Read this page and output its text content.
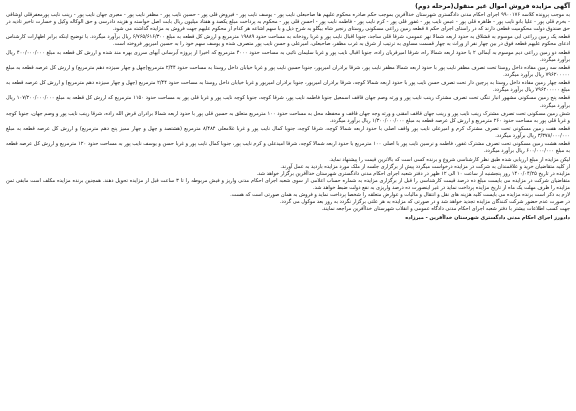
آگهی مزایده فروش اموال غیر منقول(مرحله دوم)
به موجب پرونده کلاسه ۹۹۰۰۱۷۶ اجرای احکام مدنی دادگستری شهرستان خداآفرین بموجب حکم صادره محکوم علیهم ها صاحبعلی نایب پور - یوسف نایب پور - فیروض قلی پور - حسین نایب پور - مظفر نایب پور - معبری جهان نایب پور - زینب نایب پورمعفرقلی اوشاقی - بخرم قلی پور - علیا بانو نایب پور - طاهره قلی پور - عبس نایب پور - غفور قلی پور - کرم نایب پور - فاطمه نایب پور - احسن قلی پور - محکوم به پرداخت مبلغ یکصد و هفتاد میلیون ریال بابت اصل خواسته و هزینه دادرسی و حق الوکاله وکیل و خسارت تاخیر تادیه در حق صندوق دولت محکومیت قطعی دارند که در راستای اجرای حکم ۸ قطعه زمین زراعی مسکونی روستای زنجیر شاه بیگلو به شرح ذیل و با سهم اشاعه هر کدام از محکوم علیهم جهت فروش به مزایده گذاشته می شود.
قطعه یک زمین زراعی ابی موسوم به قشلاق به حدود اربعه شمالا نهر عمومی، شرقا قلی ساجد، جنوبا اقبال نایب پور و غربا رودخانه به مساحت حدود ۱۹۸۸۹ مترمربع و ارزش کل قطعه به مبلغ ۶/۷۶۵/۶۱۶/۳۰۰ ریال برآورد میگردد. با توضیح اینکه برابر اظهارات کارشناس ادعای محکوم علیهم قطعه فوق در بین چهار نفر از وراث به چهار قسمت مساوی به ترتیب از شرق به غرب مظفر، صاحبعلی، امیرعلی و حسن نایب پور متصرف شده و یوسف سهم خود را به حسین امیرپور فروخته است.
قطعه دو زمین زراعی دیم موسوم به آیمالی ۲ با حدود اربعه شمالا راه، شرقا امیرقربان زاده، جنوبا اقبال نایب پور و غربا سلیمان نائبی به مساحت حدود ۴۰۰۰ مترمربع که اخیرا از پروژه آبرسانی آبهای سرزی بهره مند شده و ارزش کل قطعه به مبلغ ۴۰۰/۰۰۰/۰۰۰ ریال برآورد میگردد.
قطعه سه زمین مفاده داخل روستا تحت تصرف مظفر نایب پور با حدود اربعه شمالا مظفر نایب پور، شرقا برادران امیرپور، جنوبا حسین نایب پور و غربا خیابان داخل روستا به مساحت حدود ۲/۴۴ مترمربع(چهل و چهار سیزده دهم مترمربع) و ارزش کل عرصه قطعه به مبلغ ۷۹۶۲۰۰۰۰۰ ریال برآورد میگردد.
قطعه چهار زمین مفاده داخل روستا به پرچین دار تحت تصرف حسن نایب پور با حدود اربعه شمالا کوچه، شرقا برادران امیرپور، جنوبا برادران امیرپور و غربا خیابان داخل روستا به مساحت حدود ۲/۴۴ مترمربع (چهل و چهار سیزده دهم مترمربع) و ارزش کل عرصه قطعه به مبلغ ۷۹۶۲۰۰۰۰۰ ریال برآورد میگردد.
قطعه پنج زمین مسکونی مشهور انبار تنگی تحت تصرف مشترک زینب نایب پور و ورثه وصم جهان قاقف اسمعیل جنوبا فاطمه نایب پور، شرقا کوچه، جنوبا کوچه نایب پور و غربا قلی پور به مساحت حدود ۱۱۵۰ مترمربع که ارزش کل قطعه به مبلغ ۱۰۷/۲۰۰/۰۰۰/۰۰۰ ریال برآورد میگردد.
شش زمین مسکونی تحت تصرف مشترک زینب نایب پور و زینب جهان قاقف امقنی و ورثه وجه جهان قاقف و محفظه محل به مساحت حدود ۱۰۰ مترمربع متعلق به حسین قلی پور با حدود اربعه شمالا برادران قرض الله زاده، شرقا زینب نایب پور و وصم جهان، جنوبا کوچه و غربا قلی پور به مساحت حدود ۲۶۰ مترمربع و ارزش کل عرصه قطعه به مبلغ ۱/۳۰۰/۰۰۰/۰۰۰ ریال برآورد میگردد.
قطعه هفت زمین مسکونی تحت تصرف مشترک کرم و امیرعلی نایب پور واقف اصلی با حدود اربعه شمالا کوچه، شرقا کوچه، جنوبا کمال نایب پور و غربا غلامعلی ۸/۴۸۴ مترمربع (هشتصد و چهل و چهار ممیز پنج دهم مترمربع) و ارزش کل عرصه قطعه به مبلغ ۳/۳۷۸/۰۰۰/۰۰۰ ریال برآورد میگردد.
قطعه هشت زمین مسکونی تحت تصرف مشترک غفور، فاطمه و نرسین نایب پور با اصلی ۱۰۰ مترمربع با حدود اربعه شمالا کوچه، شرقا امیدعلی و کرم نایب پور، جنوبا کمال نایب پور و غربا حسن و یوسف نایب پور به مساحت حدود ۱۲۰ مترمربع و ارزش کل عرصه قطعه به مبلغ ۶۰۰/۰۰۰/۰۰۰ ریال برآورد میگردد.
لیکن مزایده از مبلغ ارزیابی شده طبق نظر کارشناسی شروع و برنده کسی است که بالاترین قیمت را پیشنهاد نماید.
از کلیه متقاضیان خرید و علاقمندان به شرکت در مزایده درخواست میگردد پیش از برگزاری جلسه از ملک مورد مزایده بازدید به عمل آورند.
مزایده در تاریخ ۱۴۰۰/۰۴/۲۵ روز پنجشنبه از ساعت ۱۰ الی ۱۲ ظهر در دفتر شعبه اجرای احکام مدنی دادگستری شهرستان خداآفرین برگزار خواهد شد.
متقاضیان شرکت در مزایده می بایست مبلغ ده درصد قیمت کارشناسی را قبل از برگزاری مزایده به شماره حساب اعلامی از سوی شعبه اجرای احکام مدنی واریز و فیش مربوطه را تا ۳ ساعت قبل از مزایده تحویل دهند. همچنین برنده مزایده مکلف است مابقی ثمن مزایده را ظرف مهلت یک ماه از تاریخ مزایده پرداخت نماید در غیر اینصورت ده درصد واریزی به نفع دولت ضبط خواهد شد.
لازم به ذکر است برنده مزایده می بایست کلیه هزینه های نقل و انتقال و مالیات و عوارض متعلقه را شخصا پرداخت نماید و فروش به همان صورتی است که هست.
در صورت عدم حضور شرکت کنندگان مزایده تجدید خواهد شد و در صورتی که مزایده به هر علتی برگزار نگردد به روز بعد موکول می گردد.
جهت کسب اطلاعات بیشتر با دفتر شعبه اجرای احکام مدنی دادگاه عمومی و انقلاب شهرستان خداآفرین مراجعه نمایند.
دادورز اجرای احکام مدنی دادگستری شهرستان خداآفرین - میرزاده
